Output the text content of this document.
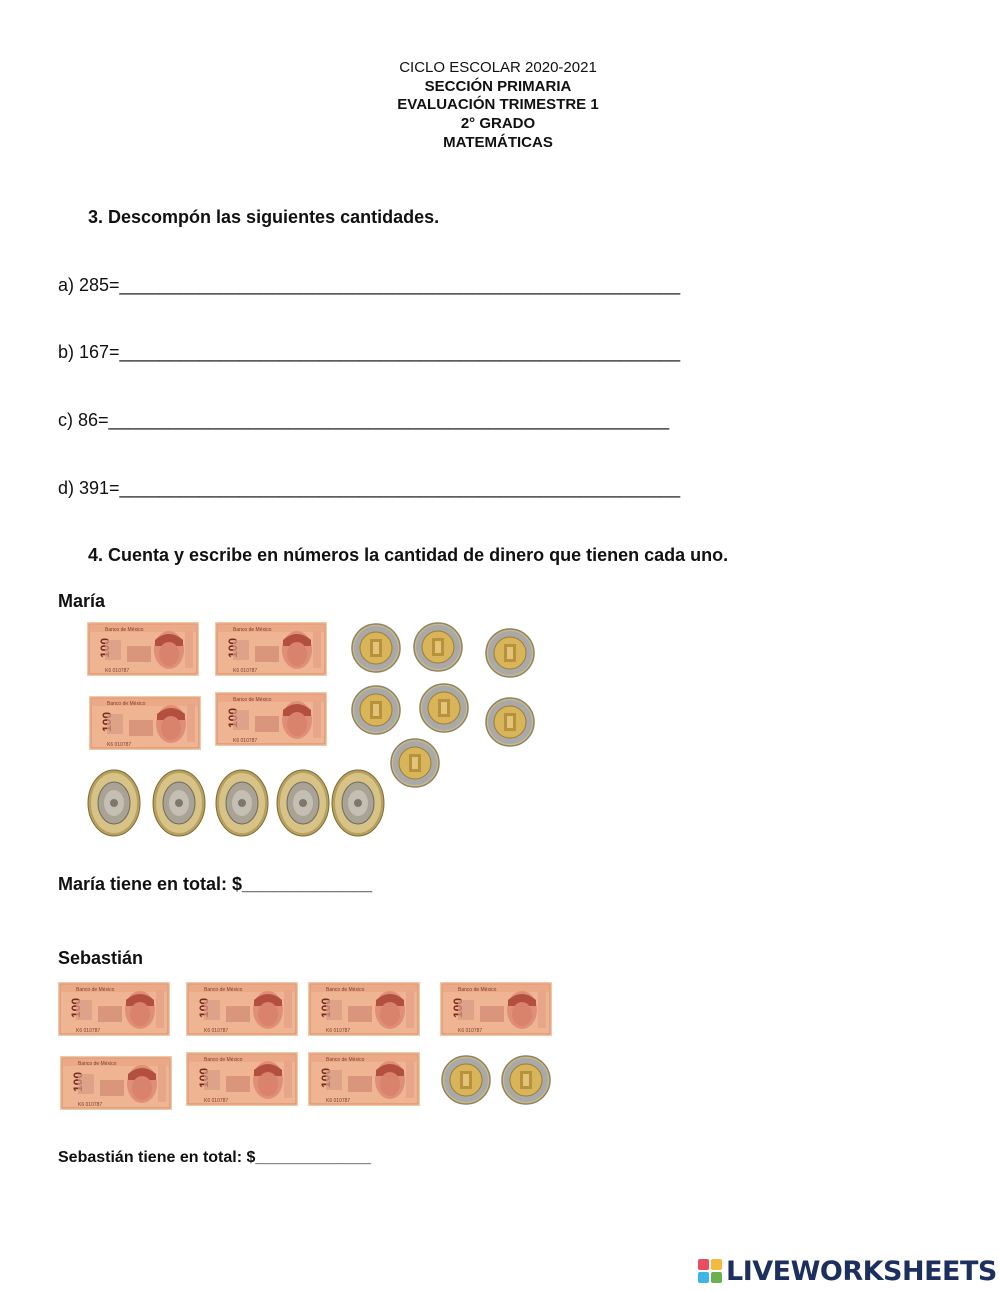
CICLO ESCOLAR 2020-2021
SECCIÓN PRIMARIA
EVALUACIÓN TRIMESTRE 1
2° GRADO
MATEMÁTICAS
3. Descompón las siguientes cantidades.
a) 285=________________________________________________________
b) 167=________________________________________________________
c) 86=________________________________________________________
d) 391=________________________________________________________
4. Cuenta y escribe en números la cantidad de dinero que tienen cada uno.
María
María tiene en total: $_____________
Sebastián
Sebastián tiene en total: $_____________
LIVEWORKSHEETS
